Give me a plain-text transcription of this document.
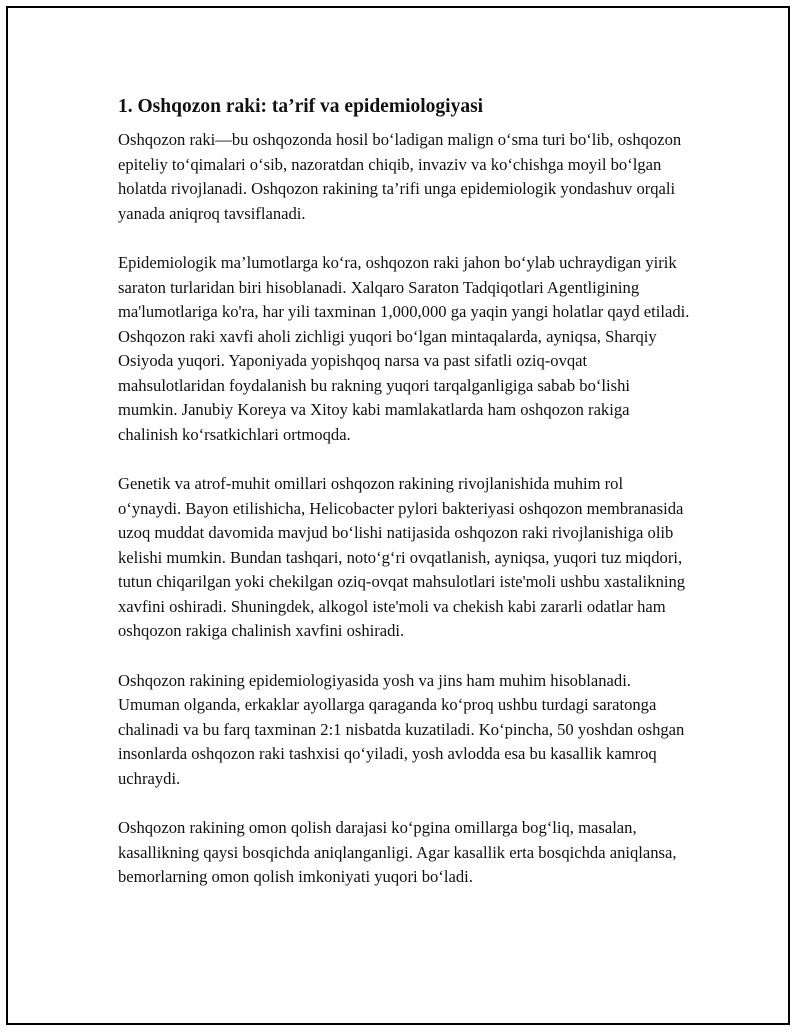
1. Oshqozon raki: ta’rif va epidemiologiyasi

Oshqozon raki—bu oshqozonda hosil bo‘ladigan malign o‘sma turi bo‘lib, oshqozon epiteliy to‘qimalari o‘sib, nazoratdan chiqib, invaziv va ko‘chishga moyil bo‘lgan holatda rivojlanadi. Oshqozon rakining ta’rifi unga epidemiologik yondashuv orqali yanada aniqroq tavsiflanadi.

Epidemiologik ma’lumotlarga ko‘ra, oshqozon raki jahon bo‘ylab uchraydigan yirik saraton turlaridan biri hisoblanadi. Xalqaro Saraton Tadqiqotlari Agentligining ma'lumotlariga ko'ra, har yili taxminan 1,000,000 ga yaqin yangi holatlar qayd etiladi. Oshqozon raki xavfi aholi zichligi yuqori bo‘lgan mintaqalarda, ayniqsa, Sharqiy Osiyoda yuqori. Yaponiyada yopishqoq narsa va past sifatli oziq-ovqat mahsulotlaridan foydalanish bu rakning yuqori tarqalganligiga sabab bo‘lishi mumkin. Janubiy Koreya va Xitoy kabi mamlakatlarda ham oshqozon rakiga chalinish ko‘rsatkichlari ortmoqda.

Genetik va atrof-muhit omillari oshqozon rakining rivojlanishida muhim rol o‘ynaydi. Bayon etilishicha, Helicobacter pylori bakteriyasi oshqozon membranasida uzoq muddat davomida mavjud bo‘lishi natijasida oshqozon raki rivojlanishiga olib kelishi mumkin. Bundan tashqari, noto‘g‘ri ovqatlanish, ayniqsa, yuqori tuz miqdori, tutun chiqarilgan yoki chekilgan oziq-ovqat mahsulotlari iste'moli ushbu xastalikning xavfini oshiradi. Shuningdek, alkogol iste'moli va chekish kabi zararli odatlar ham oshqozon rakiga chalinish xavfini oshiradi.

Oshqozon rakining epidemiologiyasida yosh va jins ham muhim hisoblanadi. Umuman olganda, erkaklar ayollarga qaraganda ko‘proq ushbu turdagi saratonga chalinadi va bu farq taxminan 2:1 nisbatda kuzatiladi. Ko‘pincha, 50 yoshdan oshgan insonlarda oshqozon raki tashxisi qo‘yiladi, yosh avlodda esa bu kasallik kamroq uchraydi.

Oshqozon rakining omon qolish darajasi ko‘pgina omillarga bog‘liq, masalan, kasallikning qaysi bosqichda aniqlanganligi. Agar kasallik erta bosqichda aniqlansa, bemorlarning omon qolish imkoniyati yuqori bo‘ladi.
